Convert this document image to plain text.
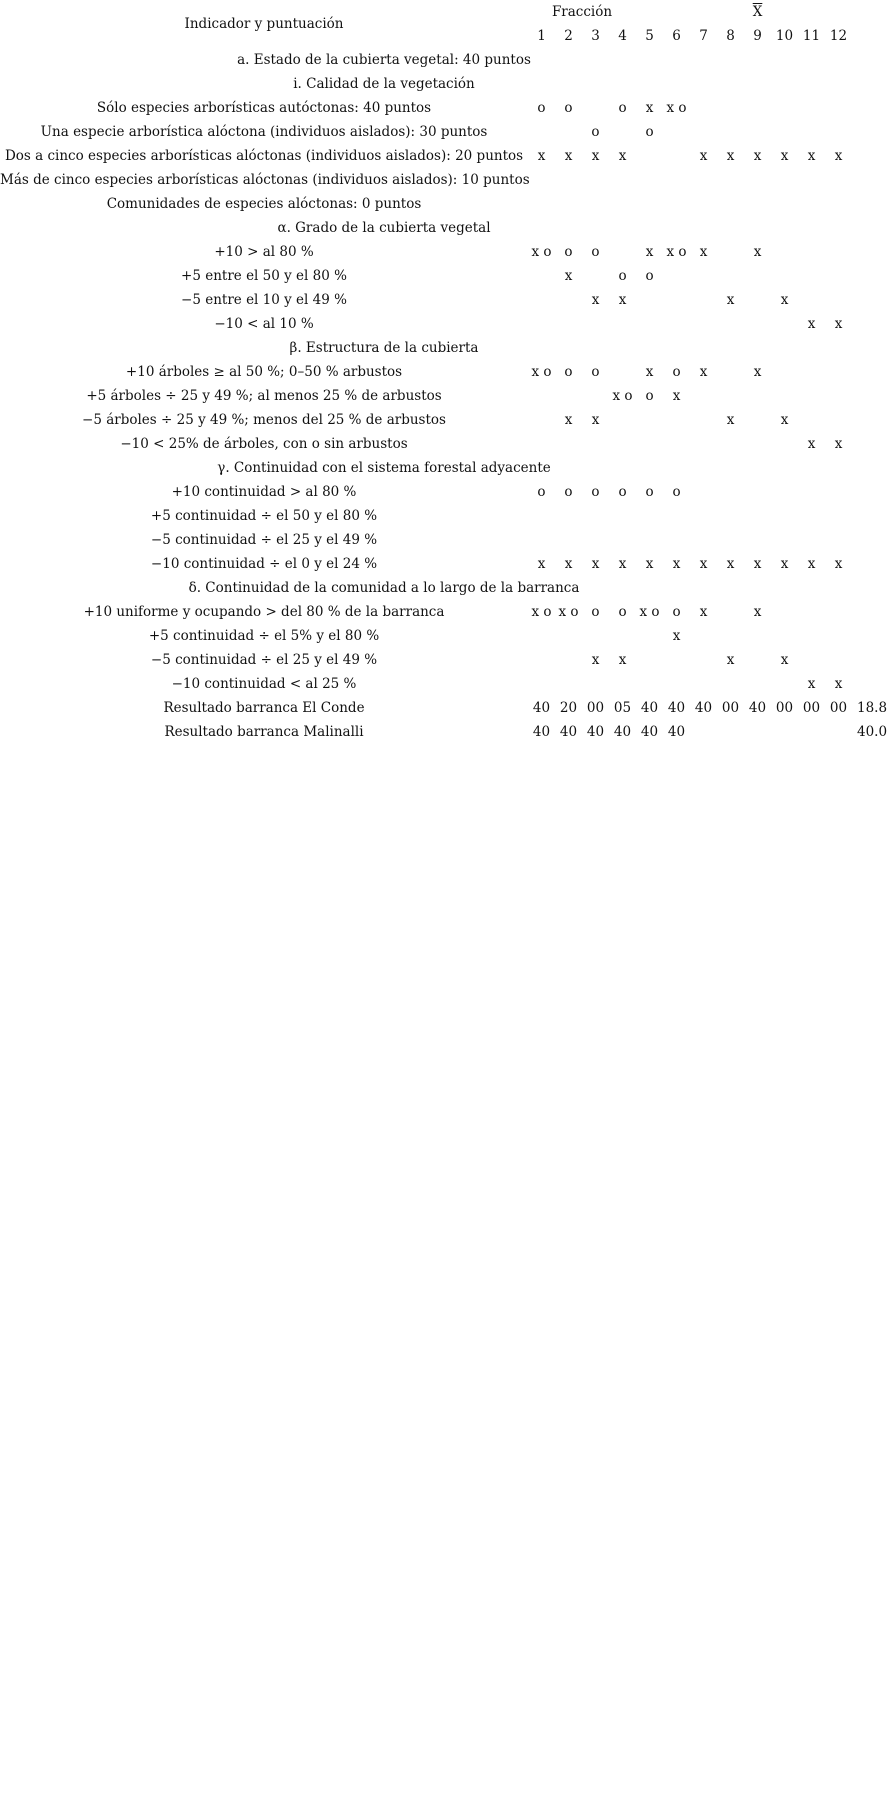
Indicador y puntuación	Fracción								$\overline{X}$	
	1	2	3	4	5	6	7	8	9	10	11	12	
a. Estado de la cubierta vegetal: 40 puntos													
i. Calidad de la vegetación													
Sólo especies arborísticas autóctonas: 40 puntos	o	o		o	x	x o							
Una especie arborística alóctona (individuos aislados): 30 puntos			o		o								
Dos a cinco especies arborísticas alóctonas (individuos aislados): 20 puntos	x	x	x	x			x	x	x	x	x	x	
Más de cinco especies arborísticas alóctonas (individuos aislados): 10 puntos													
Comunidades de especies alóctonas: 0 puntos													
α. Grado de la cubierta vegetal													
+10 > al 80 %	x o	o	o		x	x o	x		x				
+5 entre el 50 y el 80 %		x		o	o								
−5 entre el 10 y el 49 %			x	x				x		x			
−10 < al 10 %											x	x	
β. Estructura de la cubierta													
+10 árboles ≥ al 50 %; 0–50 % arbustos	x o	o	o		x	o	x		x				
+5 árboles ÷ 25 y 49 %; al menos 25 % de arbustos				x o	o	x							
−5 árboles ÷ 25 y 49 %; menos del 25 % de arbustos		x	x					x		x			
−10 < 25% de árboles, con o sin arbustos											x	x	
γ. Continuidad con el sistema forestal adyacente													
+10 continuidad > al 80 %	o	o	o	o	o	o							
+5 continuidad ÷ el 50 y el 80 %													
−5 continuidad ÷ el 25 y el 49 %													
−10 continuidad ÷ el 0 y el 24 %	x	x	x	x	x	x	x	x	x	x	x	x	
δ. Continuidad de la comunidad a lo largo de la barranca													
+10 uniforme y ocupando > del 80 % de la barranca	x o	x o	o	o	x o	o	x		x				
+5 continuidad ÷ el 5% y el 80 %						x							
−5 continuidad ÷ el 25 y el 49 %			x	x				x		x			
−10 continuidad < al 25 %											x	x	
Resultado barranca El Conde	40	20	00	05	40	40	40	00	40	00	00	00	18.8
Resultado barranca Malinalli	40	40	40	40	40	40							40.0
